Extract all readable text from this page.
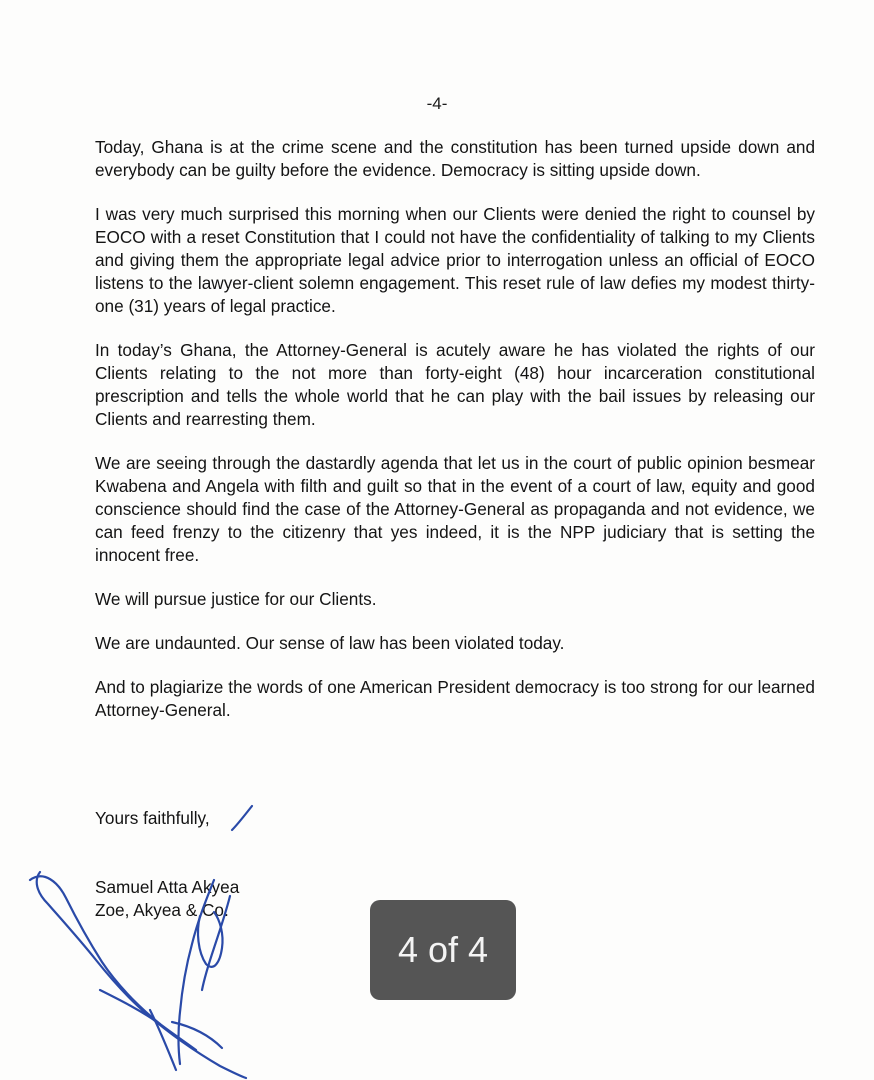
-4-

Today, Ghana is at the crime scene and the constitution has been turned upside down and everybody can be guilty before the evidence. Democracy is sitting upside down.

I was very much surprised this morning when our Clients were denied the right to counsel by EOCO with a reset Constitution that I could not have the confidentiality of talking to my Clients and giving them the appropriate legal advice prior to interrogation unless an official of EOCO listens to the lawyer-client solemn engagement. This reset rule of law defies my modest thirty-one (31) years of legal practice.

In today’s Ghana, the Attorney-General is acutely aware he has violated the rights of our Clients relating to the not more than forty-eight (48) hour incarceration constitutional prescription and tells the whole world that he can play with the bail issues by releasing our Clients and rearresting them.

We are seeing through the dastardly agenda that let us in the court of public opinion besmear Kwabena and Angela with filth and guilt so that in the event of a court of law, equity and good conscience should find the case of the Attorney-General as propaganda and not evidence, we can feed frenzy to the citizenry that yes indeed, it is the NPP judiciary that is setting the innocent free.

We will pursue justice for our Clients.

We are undaunted. Our sense of law has been violated today.

And to plagiarize the words of one American President democracy is too strong for our learned Attorney-General.

Yours faithfully,
Samuel Atta Akyea
Zoe, Akyea & Co.
4 of 4
